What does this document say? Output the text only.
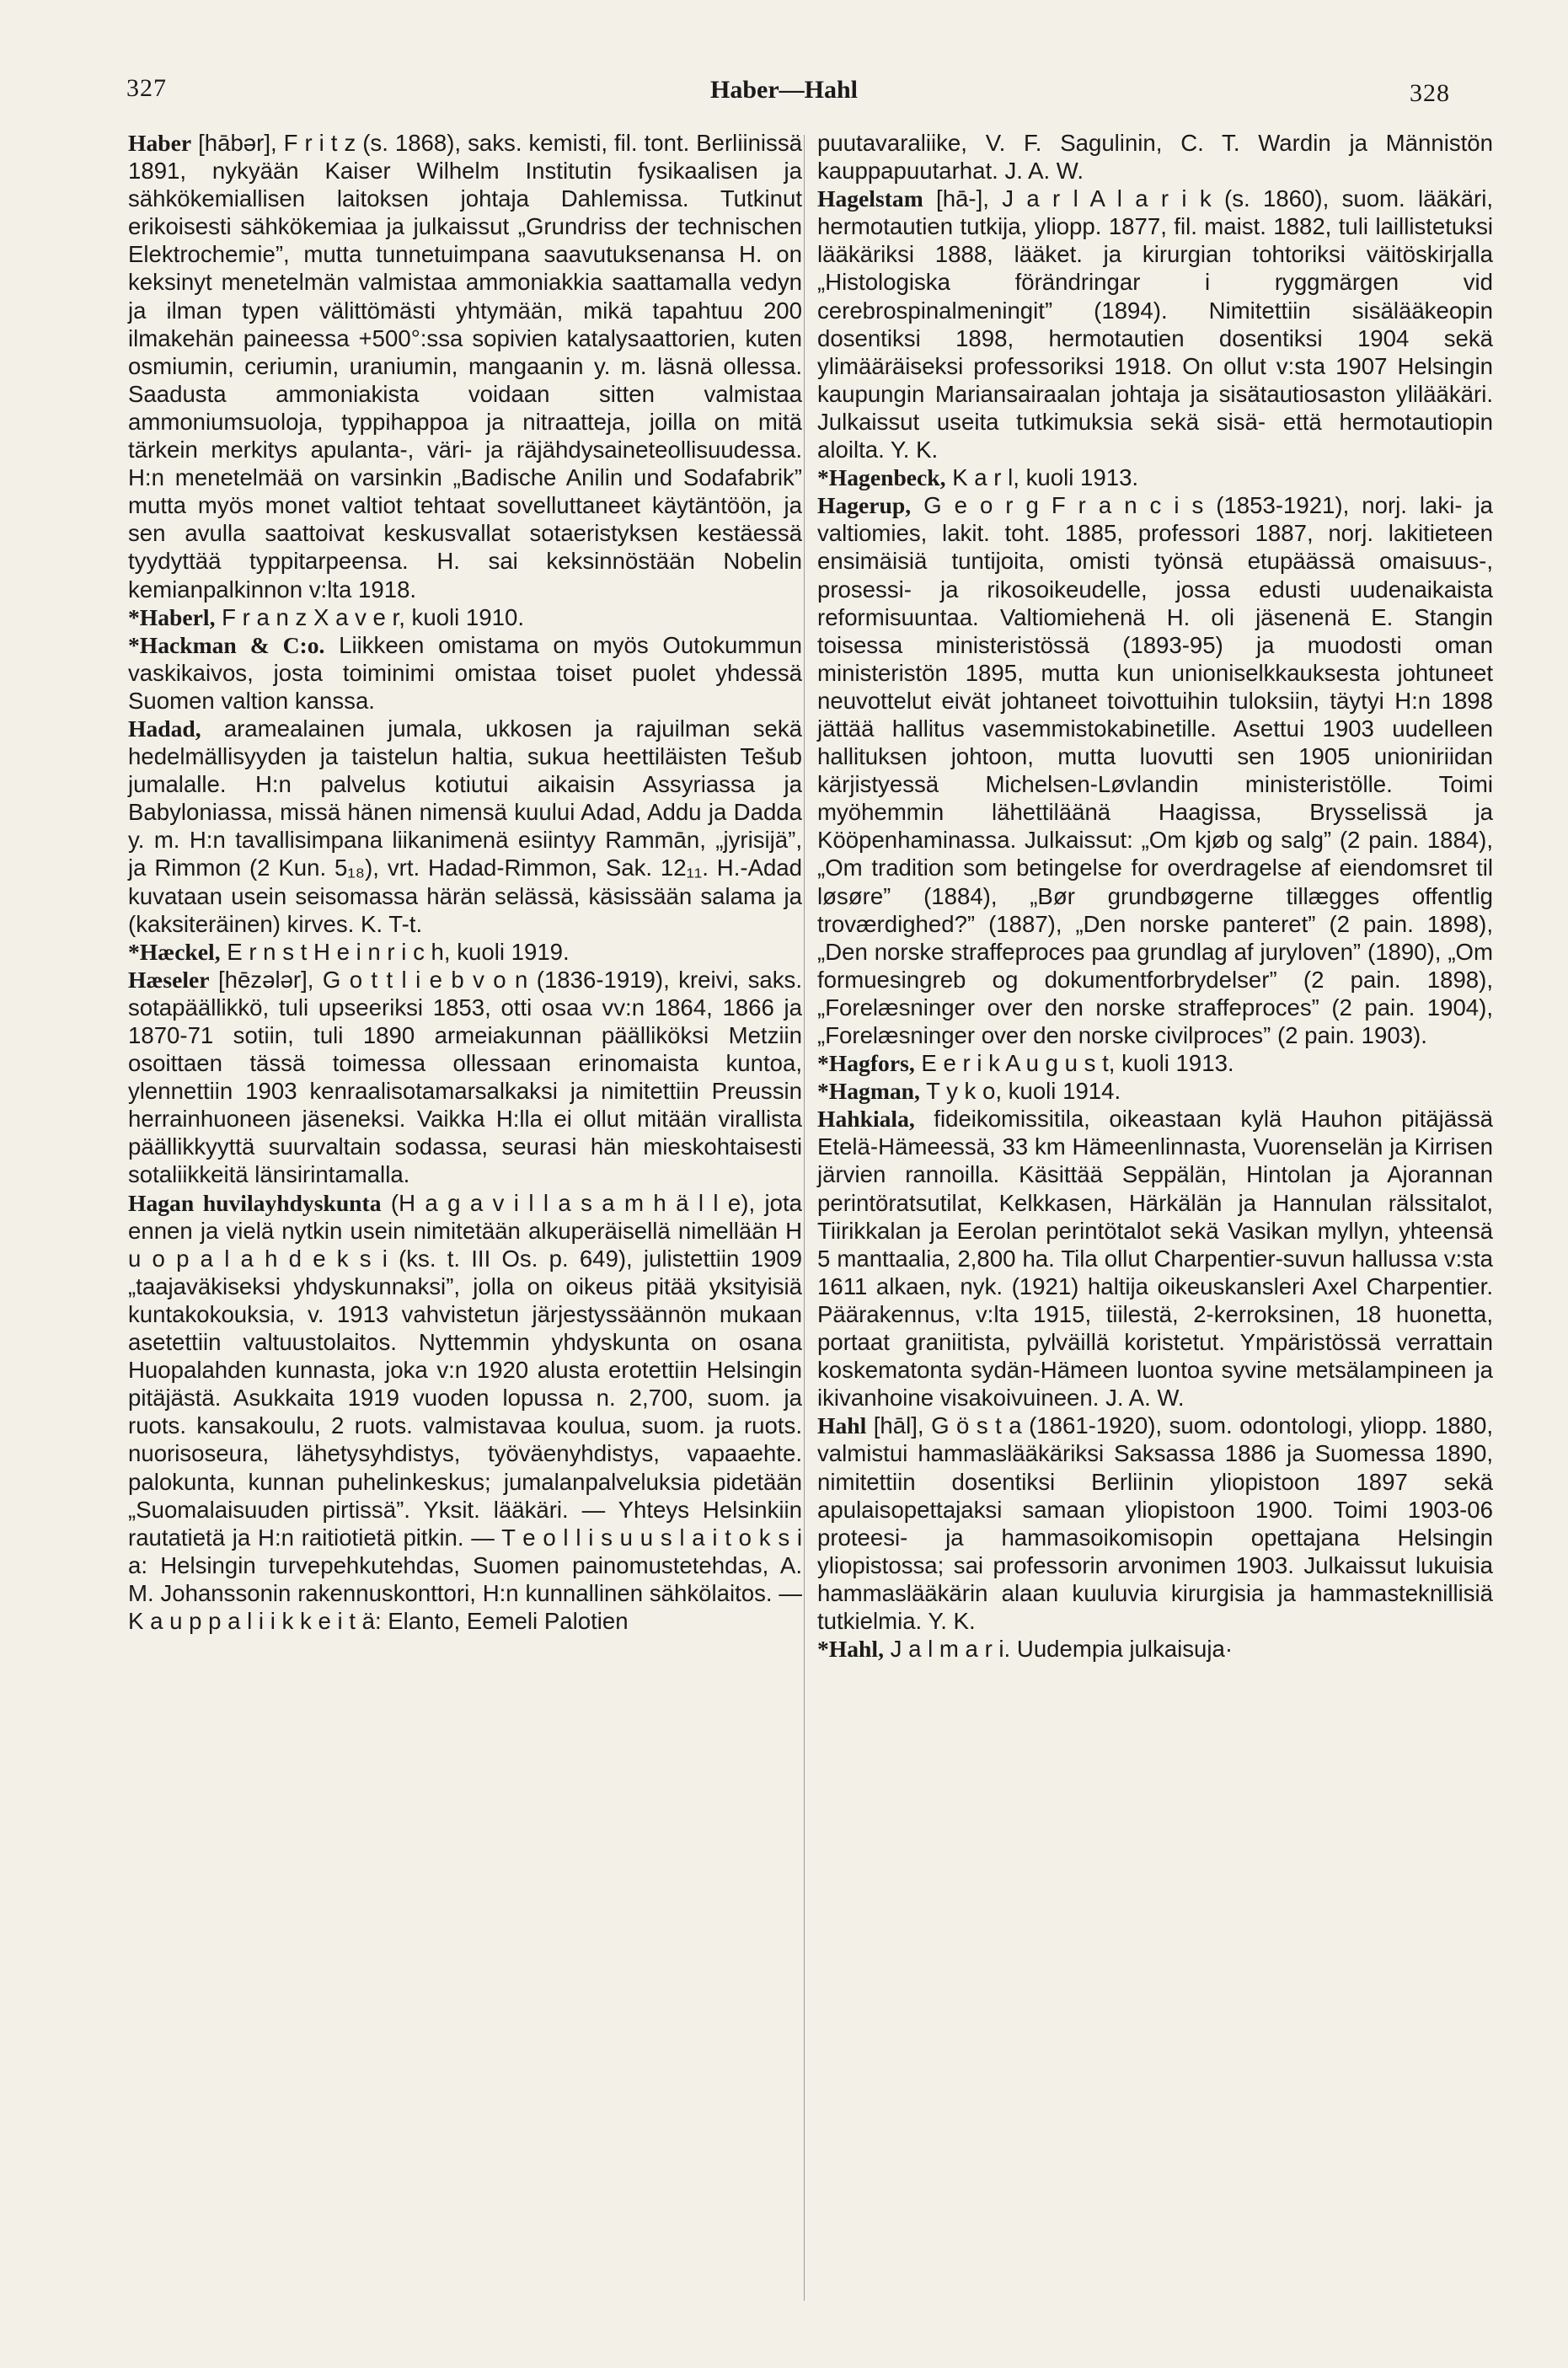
327	Haber—Hahl	328

Haber [hābər], F r i t z (s. 1868), saks. kemisti, fil. tont. Berliinissä 1891, nykyään Kaiser Wilhelm Institutin fysikaalisen ja sähkökemiallisen laitoksen johtaja Dahlemissa. Tutkinut erikoisesti sähkökemiaa ja julkaissut „Grundriss der technischen Elektrochemie”, mutta tunnetuimpana saavutuksenansa H. on keksinyt menetelmän valmistaa ammoniakkia saattamalla vedyn ja ilman typen välittömästi yhtymään, mikä tapahtuu 200 ilmakehän paineessa +500°:ssa sopivien katalysaattorien, kuten osmiumin, ceriumin, uraniumin, mangaanin y. m. läsnä ollessa. Saadusta ammoniakista voidaan sitten valmistaa ammoniumsuoloja, typpihappoa ja nitraatteja, joilla on mitä tärkein merkitys apulanta-, väri- ja räjähdysaineteollisuudessa. H:n menetelmää on varsinkin „Badische Anilin und Sodafabrik” mutta myös monet valtiot tehtaat sovelluttaneet käytäntöön, ja sen avulla saattoivat keskusvallat sotaeristyksen kestäessä tyydyttää typpitarpeensa. H. sai keksinnöstään Nobelin kemianpalkinnon v:lta 1918.

*Haberl, F r a n z X a v e r, kuoli 1910.

*Hackman & C:o. Liikkeen omistama on myös Outokummun vaskikaivos, josta toiminimi omistaa toiset puolet yhdessä Suomen valtion kanssa.

Hadad, aramealainen jumala, ukkosen ja rajuilman sekä hedelmällisyyden ja taistelun haltia, sukua heettiläisten Tešub jumalalle. H:n palvelus kotiutui aikaisin Assyriassa ja Babyloniassa, missä hänen nimensä kuului Adad, Addu ja Dadda y. m. H:n tavallisimpana liikanimenä esiintyy Rammān, „jyrisijä”, ja Rimmon (2 Kun. 5₁₈), vrt. Hadad-Rimmon, Sak. 12₁₁. H.-Adad kuvataan usein seisomassa härän selässä, käsissään salama ja (kaksiteräinen) kirves. K. T-t.

*Hæckel, E r n s t H e i n r i c h, kuoli 1919.

Hæseler [hēzələr], G o t t l i e b v o n (1836-1919), kreivi, saks. sotapäällikkö, tuli upseeriksi 1853, otti osaa vv:n 1864, 1866 ja 1870-71 sotiin, tuli 1890 armeiakunnan päälliköksi Metziin osoittaen tässä toimessa ollessaan erinomaista kuntoa, ylennettiin 1903 kenraalisotamarsalkaksi ja nimitettiin Preussin herrainhuoneen jäseneksi. Vaikka H:lla ei ollut mitään virallista päällikkyyttä suurvaltain sodassa, seurasi hän mieskohtaisesti sotaliikkeitä länsirintamalla.

Hagan huvilayhdyskunta (H a g a v i l l a s a m h ä l l e), jota ennen ja vielä nytkin usein nimitetään alkuperäisellä nimellään H u o p a l a h d e k s i (ks. t. III Os. p. 649), julistettiin 1909 „taajaväkiseksi yhdyskunnaksi”, jolla on oikeus pitää yksityisiä kuntakokouksia, v. 1913 vahvistetun järjestyssäännön mukaan asetettiin valtuustolaitos. Nyttemmin yhdyskunta on osana Huopalahden kunnasta, joka v:n 1920 alusta erotettiin Helsingin pitäjästä. Asukkaita 1919 vuoden lopussa n. 2,700, suom. ja ruots. kansakoulu, 2 ruots. valmistavaa koulua, suom. ja ruots. nuorisoseura, lähetysyhdistys, työväenyhdistys, vapaaehte. palokunta, kunnan puhelinkeskus; jumalanpalveluksia pidetään „Suomalaisuuden pirtissä”. Yksit. lääkäri. — Yhteys Helsinkiin rautatietä ja H:n raitiotietä pitkin. — T e o l l i s u u s l a i t o k s i a: Helsingin turvepehkutehdas, Suomen painomustetehdas, A. M. Johanssonin rakennuskonttori, H:n kunnallinen sähkölaitos. — K a u p p a l i i k k e i t ä: Elanto, Eemeli Palotien

puutavaraliike, V. F. Sagulinin, C. T. Wardin ja Männistön kauppapuutarhat. J. A. W.

Hagelstam [hā-], J a r l A l a r i k (s. 1860), suom. lääkäri, hermotautien tutkija, yliopp. 1877, fil. maist. 1882, tuli laillistetuksi lääkäriksi 1888, lääket. ja kirurgian tohtoriksi väitöskirjalla „Histologiska förändringar i ryggmärgen vid cerebrospinalmeningit” (1894). Nimitettiin sisälääkeopin dosentiksi 1898, hermotautien dosentiksi 1904 sekä ylimääräiseksi professoriksi 1918. On ollut v:sta 1907 Helsingin kaupungin Mariansairaalan johtaja ja sisätautiosaston ylilääkäri. Julkaissut useita tutkimuksia sekä sisä- että hermotautiopin aloilta. Y. K.

*Hagenbeck, K a r l, kuoli 1913.

Hagerup, G e o r g F r a n c i s (1853-1921), norj. laki- ja valtiomies, lakit. toht. 1885, professori 1887, norj. lakitieteen ensimäisiä tuntijoita, omisti työnsä etupäässä omaisuus-, prosessi- ja rikosoikeudelle, jossa edusti uudenaikaista reformisuuntaa. Valtiomiehenä H. oli jäsenenä E. Stangin toisessa ministeristössä (1893-95) ja muodosti oman ministeristön 1895, mutta kun unioniselkkauksesta johtuneet neuvottelut eivät johtaneet toivottuihin tuloksiin, täytyi H:n 1898 jättää hallitus vasemmistokabinetille. Asettui 1903 uudelleen hallituksen johtoon, mutta luovutti sen 1905 unioniriidan kärjistyessä Michelsen-Løvlandin ministeristölle. Toimi myöhemmin lähettiläänä Haagissa, Brysselissä ja Kööpenhaminassa. Julkaissut: „Om kjøb og salg” (2 pain. 1884), „Om tradition som betingelse for overdragelse af eiendomsret til løsøre” (1884), „Bør grundbøgerne tillægges offentlig troværdighed?” (1887), „Den norske panteret” (2 pain. 1898), „Den norske straffeproces paa grundlag af juryloven” (1890), „Om formuesingreb og dokumentforbrydelser” (2 pain. 1898), „Forelæsninger over den norske straffeproces” (2 pain. 1904), „Forelæsninger over den norske civilproces” (2 pain. 1903).

*Hagfors, E e r i k A u g u s t, kuoli 1913.

*Hagman, T y k o, kuoli 1914.

Hahkiala, fideikomissitila, oikeastaan kylä Hauhon pitäjässä Etelä-Hämeessä, 33 km Hämeenlinnasta, Vuorenselän ja Kirrisen järvien rannoilla. Käsittää Seppälän, Hintolan ja Ajorannan perintöratsutilat, Kelkkasen, Härkälän ja Hannulan rälssitalot, Tiirikkalan ja Eerolan perintötalot sekä Vasikan myllyn, yhteensä 5 manttaalia, 2,800 ha. Tila ollut Charpentier-suvun hallussa v:sta 1611 alkaen, nyk. (1921) haltija oikeuskansleri Axel Charpentier. Päärakennus, v:lta 1915, tiilestä, 2-kerroksinen, 18 huonetta, portaat graniitista, pylväillä koristetut. Ympäristössä verrattain koskematonta sydän-Hämeen luontoa syvine metsälampineen ja ikivanhoine visakoivuineen. J. A. W.

Hahl [hāl], G ö s t a (1861-1920), suom. odontologi, yliopp. 1880, valmistui hammaslääkäriksi Saksassa 1886 ja Suomessa 1890, nimitettiin dosentiksi Berliinin yliopistoon 1897 sekä apulaisopettajaksi samaan yliopistoon 1900. Toimi 1903-06 proteesi- ja hammasoikomisopin opettajana Helsingin yliopistossa; sai professorin arvonimen 1903. Julkaissut lukuisia hammaslääkärin alaan kuuluvia kirurgisia ja hammasteknillisiä tutkielmia. Y. K.

*Hahl, J a l m a r i. Uudempia julkaisuja·
